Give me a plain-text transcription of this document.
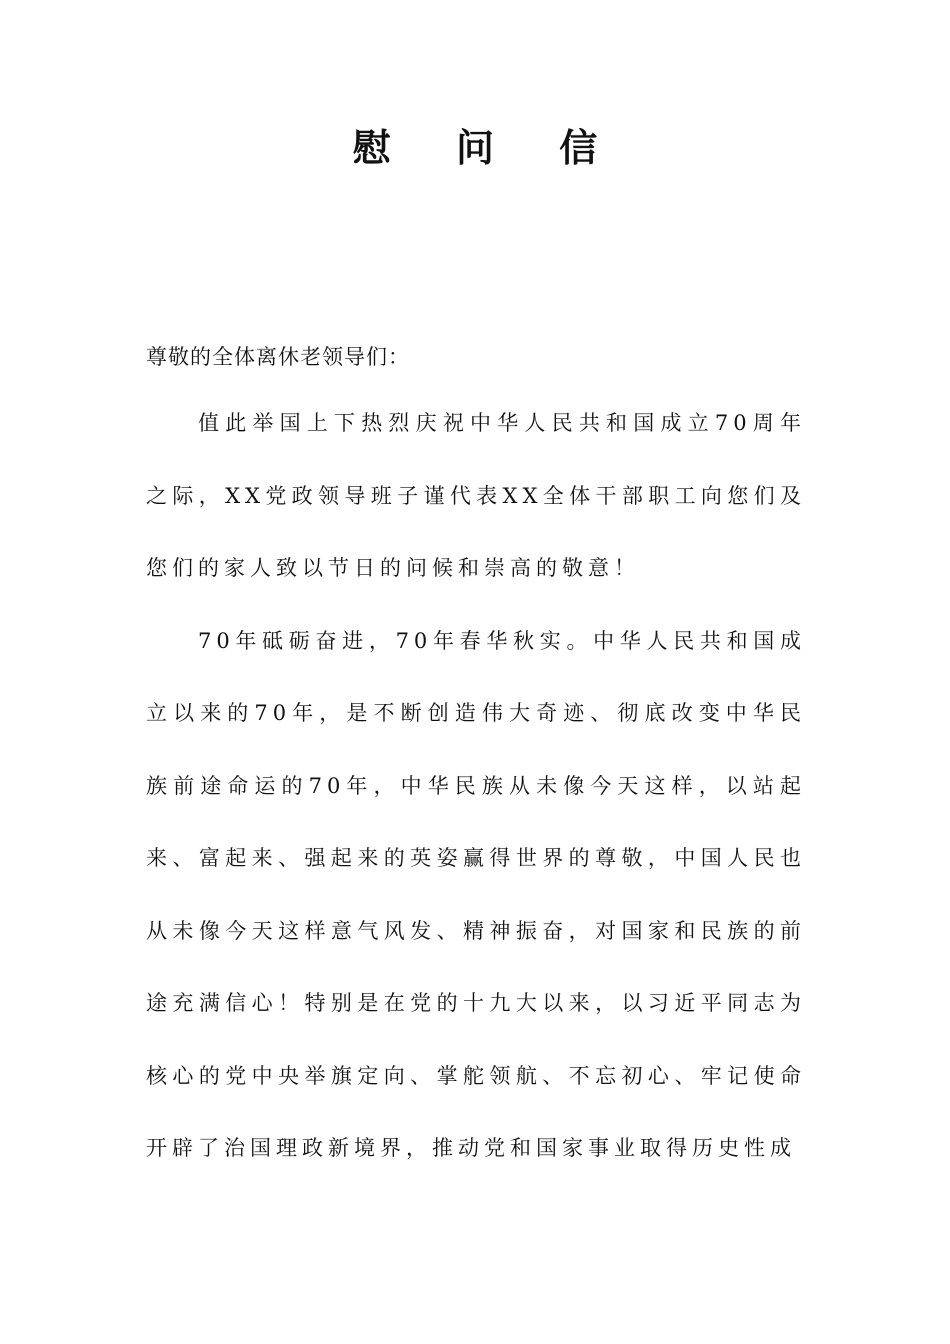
慰 问 信

尊敬的全体离休老领导们：

值此举国上下热烈庆祝中华人民共和国成立70周年之际，XX党政领导班子谨代表XX全体干部职工向您们及您们的家人致以节日的问候和崇高的敬意！

70年砥砺奋进，70年春华秋实。中华人民共和国成立以来的70年，是不断创造伟大奇迹、彻底改变中华民族前途命运的70年，中华民族从未像今天这样，以站起来、富起来、强起来的英姿赢得世界的尊敬，中国人民也从未像今天这样意气风发、精神振奋，对国家和民族的前途充满信心！特别是在党的十九大以来，以习近平同志为核心的党中央举旗定向、掌舵领航、不忘初心、牢记使命开辟了治国理政新境界，推动党和国家事业取得历史性成
